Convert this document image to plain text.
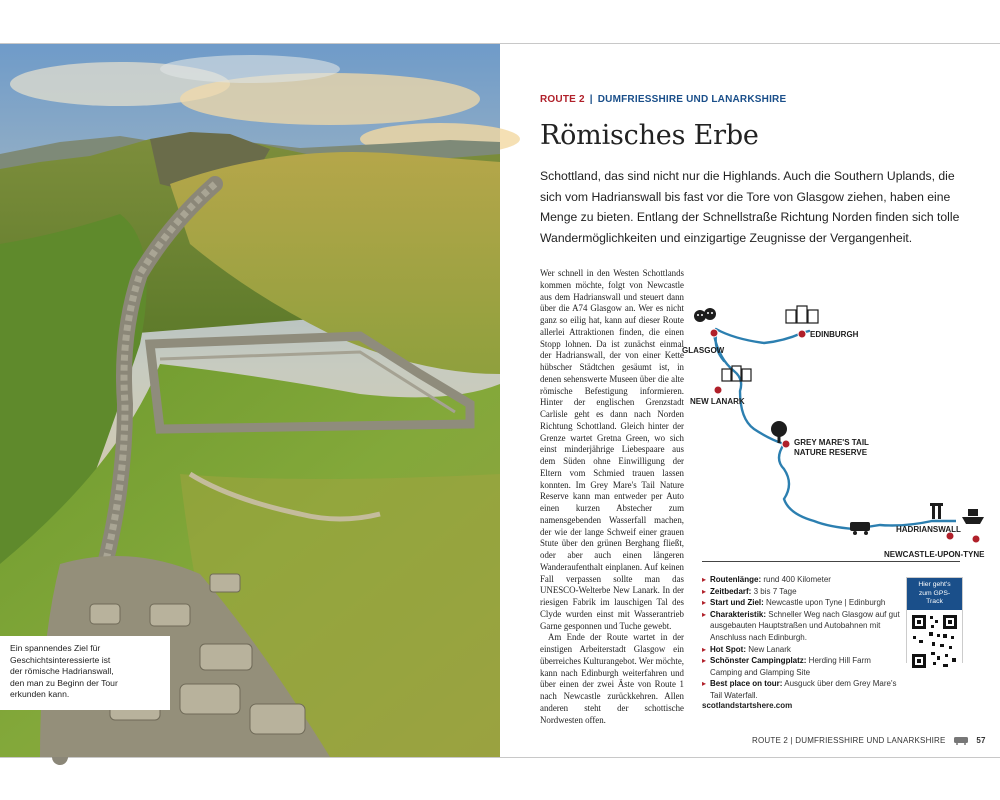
Ein spannendes Ziel für
Geschichtsinteressierte ist
der römische Hadrianswall,
den man zu Beginn der Tour
erkunden kann.
ROUTE 2 | DUMFRIESSHIRE UND LANARKSHIRE
Römisches Erbe
Schottland, das sind nicht nur die Highlands. Auch die Southern Uplands, die sich vom Hadrianswall bis fast vor die Tore von Glasgow ziehen, haben eine Menge zu bieten. Entlang der Schnellstraße Richtung Norden finden sich tolle Wandermöglichkeiten und einzigartige Zeugnisse der Vergangenheit.

Wer schnell in den Westen Schottlands kommen möchte, folgt von Newcastle aus dem Hadrianswall und steuert dann über die A74 Glasgow an. Wer es nicht ganz so eilig hat, kann auf dieser Route allerlei Attraktionen finden, die einen Stopp lohnen. Da ist zunächst einmal der Hadrianswall, der von einer Kette hübscher Städtchen gesäumt ist, in denen sehenswerte Museen über die alte römische Befestigung informieren. Hinter der englischen Grenzstadt Carlisle geht es dann nach Norden Richtung Schottland. Gleich hinter der Grenze wartet Gretna Green, wo sich einst minderjährige Liebespaare aus dem Süden ohne Einwilligung der Eltern vom Schmied trauen lassen konnten. Im Grey Mare's Tail Nature Reserve kann man entweder per Auto einen kurzen Abstecher zum namensgebenden Wasserfall machen, der wie der lange Schweif einer grauen Stute über den grünen Berghang fließt, oder aber auch einen längeren Wanderaufenthalt einplanen. Auf keinen Fall verpassen sollte man das UNESCO-Welterbe New Lanark. In der riesigen Fabrik im lauschigen Tal des Clyde wurden einst mit Wasserantrieb Garne gesponnen und Tuche gewebt.

Am Ende der Route wartet in der einstigen Arbeiterstadt Glasgow ein überreiches Kulturangebot. Wer möchte, kann nach Edinburgh weiterfahren und über einen der zwei Äste von Route 1 nach Newcastle zurückkehren. Allen anderen steht der schottische Nordwesten offen.

GLASGOW
EDINBURGH
NEW LANARK
GREY MARE'S TAIL
NATURE RESERVE
HADRIANSWALL
NEWCASTLE-UPON-TYNE
▸ Routenlänge: rund 400 Kilometer
▸ Zeitbedarf: 3 bis 7 Tage
▸ Start und Ziel: Newcastle upon Tyne | Edinburgh
▸ Charakteristik: Schneller Weg nach Glasgow auf gut ausgebauten Hauptstraßen und Autobahnen mit Anschluss nach Edinburgh.
▸ Hot Spot: New Lanark
▸ Schönster Campingplatz: Herding Hill Farm Camping and Glamping Site
▸ Best place on tour: Ausguck über dem Grey Mare's Tail Waterfall.
Hier geht's
zum GPS-Track
scotlandstartshere.com
ROUTE 2 | DUMFRIESSHIRE UND LANARKSHIRE	57
